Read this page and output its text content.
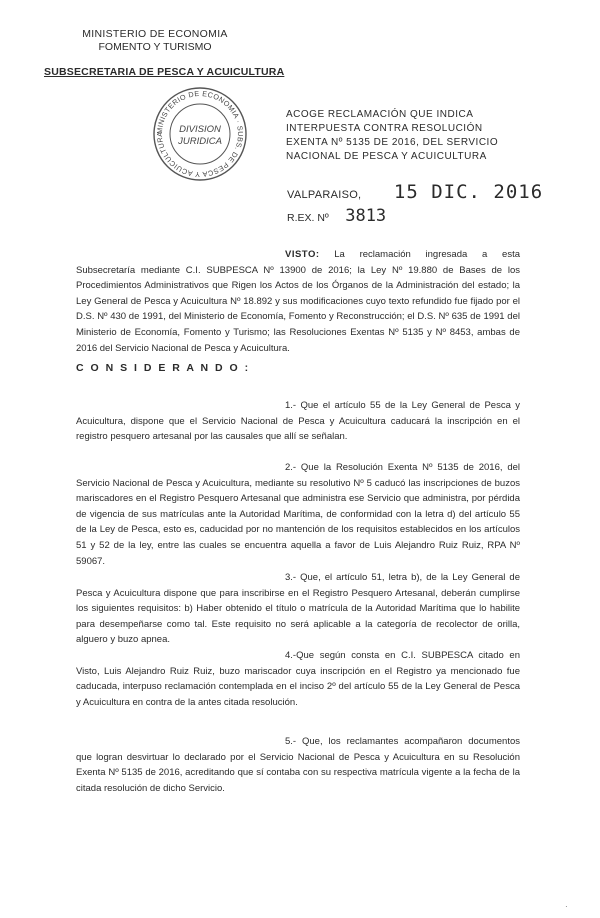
MINISTERIO DE ECONOMIA
FOMENTO Y TURISMO
SUBSECRETARIA DE PESCA Y ACUICULTURA
MINISTERIO DE ECONOMIA · SUBS. DE PESCA Y ACUICULTURA	DIVISION
JURIDICA
ACOGE RECLAMACIÓN QUE INDICA INTERPUESTA CONTRA RESOLUCIÓN EXENTA Nº 5135 DE 2016, DEL SERVICIO NACIONAL DE PESCA Y ACUICULTURA
VALPARAISO, 15 DIC. 2016
R.EX. Nº 3813
VISTO: La reclamación ingresada a esta Subsecretaría mediante C.I. SUBPESCA Nº 13900 de 2016; la Ley Nº 19.880 de Bases de los Procedimientos Administrativos que Rigen los Actos de los Órganos de la Administración del estado; la Ley General de Pesca y Acuicultura Nº 18.892 y sus modificaciones cuyo texto refundido fue fijado por el D.S. Nº 430 de 1991, del Ministerio de Economía, Fomento y Reconstrucción; el D.S. Nº 635 de 1991 del Ministerio de Economía, Fomento y Turismo; las Resoluciones Exentas Nº 5135 y Nº 8453, ambas de 2016 del Servicio Nacional de Pesca y Acuicultura.
C O N S I D E R A N D O :
1.- Que el artículo 55 de la Ley General de Pesca y Acuicultura, dispone que el Servicio Nacional de Pesca y Acuicultura caducará la inscripción en el registro pesquero artesanal por las causales que allí se señalan.
2.- Que la Resolución Exenta Nº 5135 de 2016, del Servicio Nacional de Pesca y Acuicultura, mediante su resolutivo Nº 5 caducó las inscripciones de buzos mariscadores en el Registro Pesquero Artesanal que administra ese Servicio que administra, por pérdida de vigencia de sus matrículas ante la Autoridad Marítima, de conformidad con la letra d) del artículo 55 de la Ley de Pesca, esto es, caducidad por no mantención de los requisitos establecidos en los artículos 51 y 52 de la ley, entre las cuales se encuentra aquella a favor de Luis Alejandro Ruiz Ruiz, RPA Nº 59067.
3.- Que, el artículo 51, letra b), de la Ley General de Pesca y Acuicultura dispone que para inscribirse en el Registro Pesquero Artesanal, deberán cumplirse los siguientes requisitos: b) Haber obtenido el título o matrícula de la Autoridad Marítima que lo habilite para desempeñarse como tal. Este requisito no será aplicable a la categoría de recolector de orilla, alguero y buzo apnea.
4.-Que según consta en C.I. SUBPESCA citado en Visto, Luis Alejandro Ruiz Ruiz, buzo mariscador cuya inscripción en el Registro ya mencionado fue caducada, interpuso reclamación contemplada en el inciso 2º del artículo 55 de la Ley General de Pesca y Acuicultura en contra de la antes citada resolución.
5.- Que, los reclamantes acompañaron documentos que logran desvirtuar lo declarado por el Servicio Nacional de Pesca y Acuicultura en su Resolución Exenta Nº 5135 de 2016, acreditando que sí contaba con su respectiva matrícula vigente a la fecha de la citada resolución de dicho Servicio.
·
